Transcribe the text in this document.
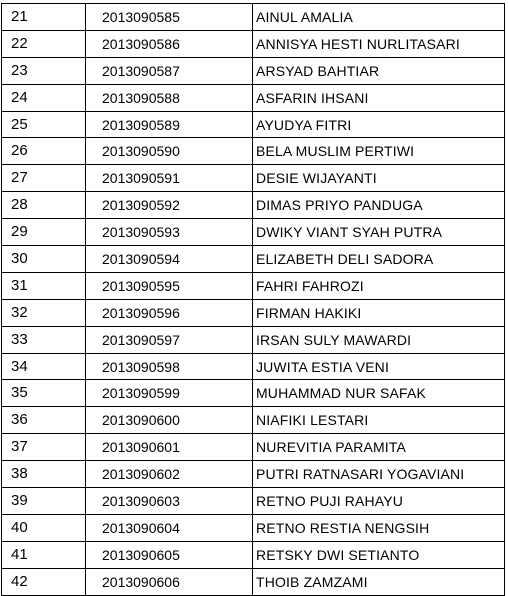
21	2013090585	AINUL AMALIA
22	2013090586	ANNISYA HESTI NURLITASARI
23	2013090587	ARSYAD BAHTIAR
24	2013090588	ASFARIN IHSANI
25	2013090589	AYUDYA FITRI
26	2013090590	BELA MUSLIM PERTIWI
27	2013090591	DESIE WIJAYANTI
28	2013090592	DIMAS PRIYO PANDUGA
29	2013090593	DWIKY VIANT SYAH PUTRA
30	2013090594	ELIZABETH DELI SADORA
31	2013090595	FAHRI FAHROZI
32	2013090596	FIRMAN HAKIKI
33	2013090597	IRSAN SULY MAWARDI
34	2013090598	JUWITA ESTIA VENI
35	2013090599	MUHAMMAD NUR SAFAK
36	2013090600	NIAFIKI LESTARI
37	2013090601	NUREVITIA PARAMITA
38	2013090602	PUTRI RATNASARI YOGAVIANI
39	2013090603	RETNO PUJI RAHAYU
40	2013090604	RETNO RESTIA NENGSIH
41	2013090605	RETSKY DWI SETIANTO
42	2013090606	THOIB ZAMZAMI
